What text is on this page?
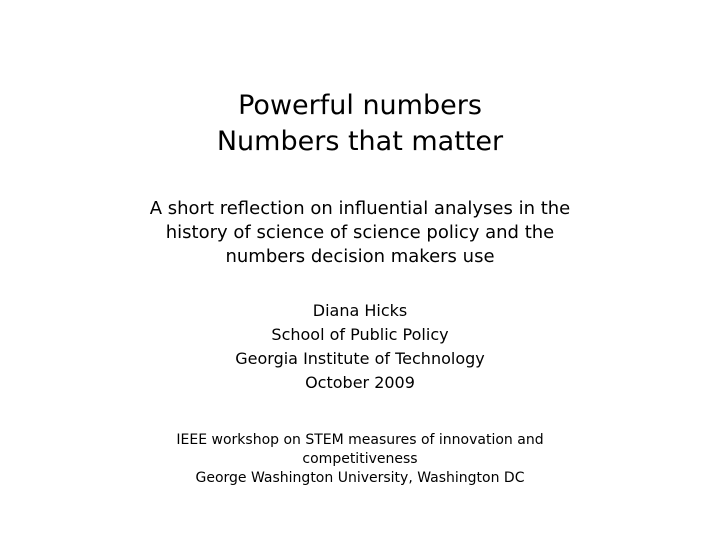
Powerful numbers
Numbers that matter
A short reflection on influential analyses in the
history of science of science policy and the
numbers decision makers use
Diana Hicks
School of Public Policy
Georgia Institute of Technology
October 2009
IEEE workshop on STEM measures of innovation and
competitiveness
George Washington University, Washington DC
